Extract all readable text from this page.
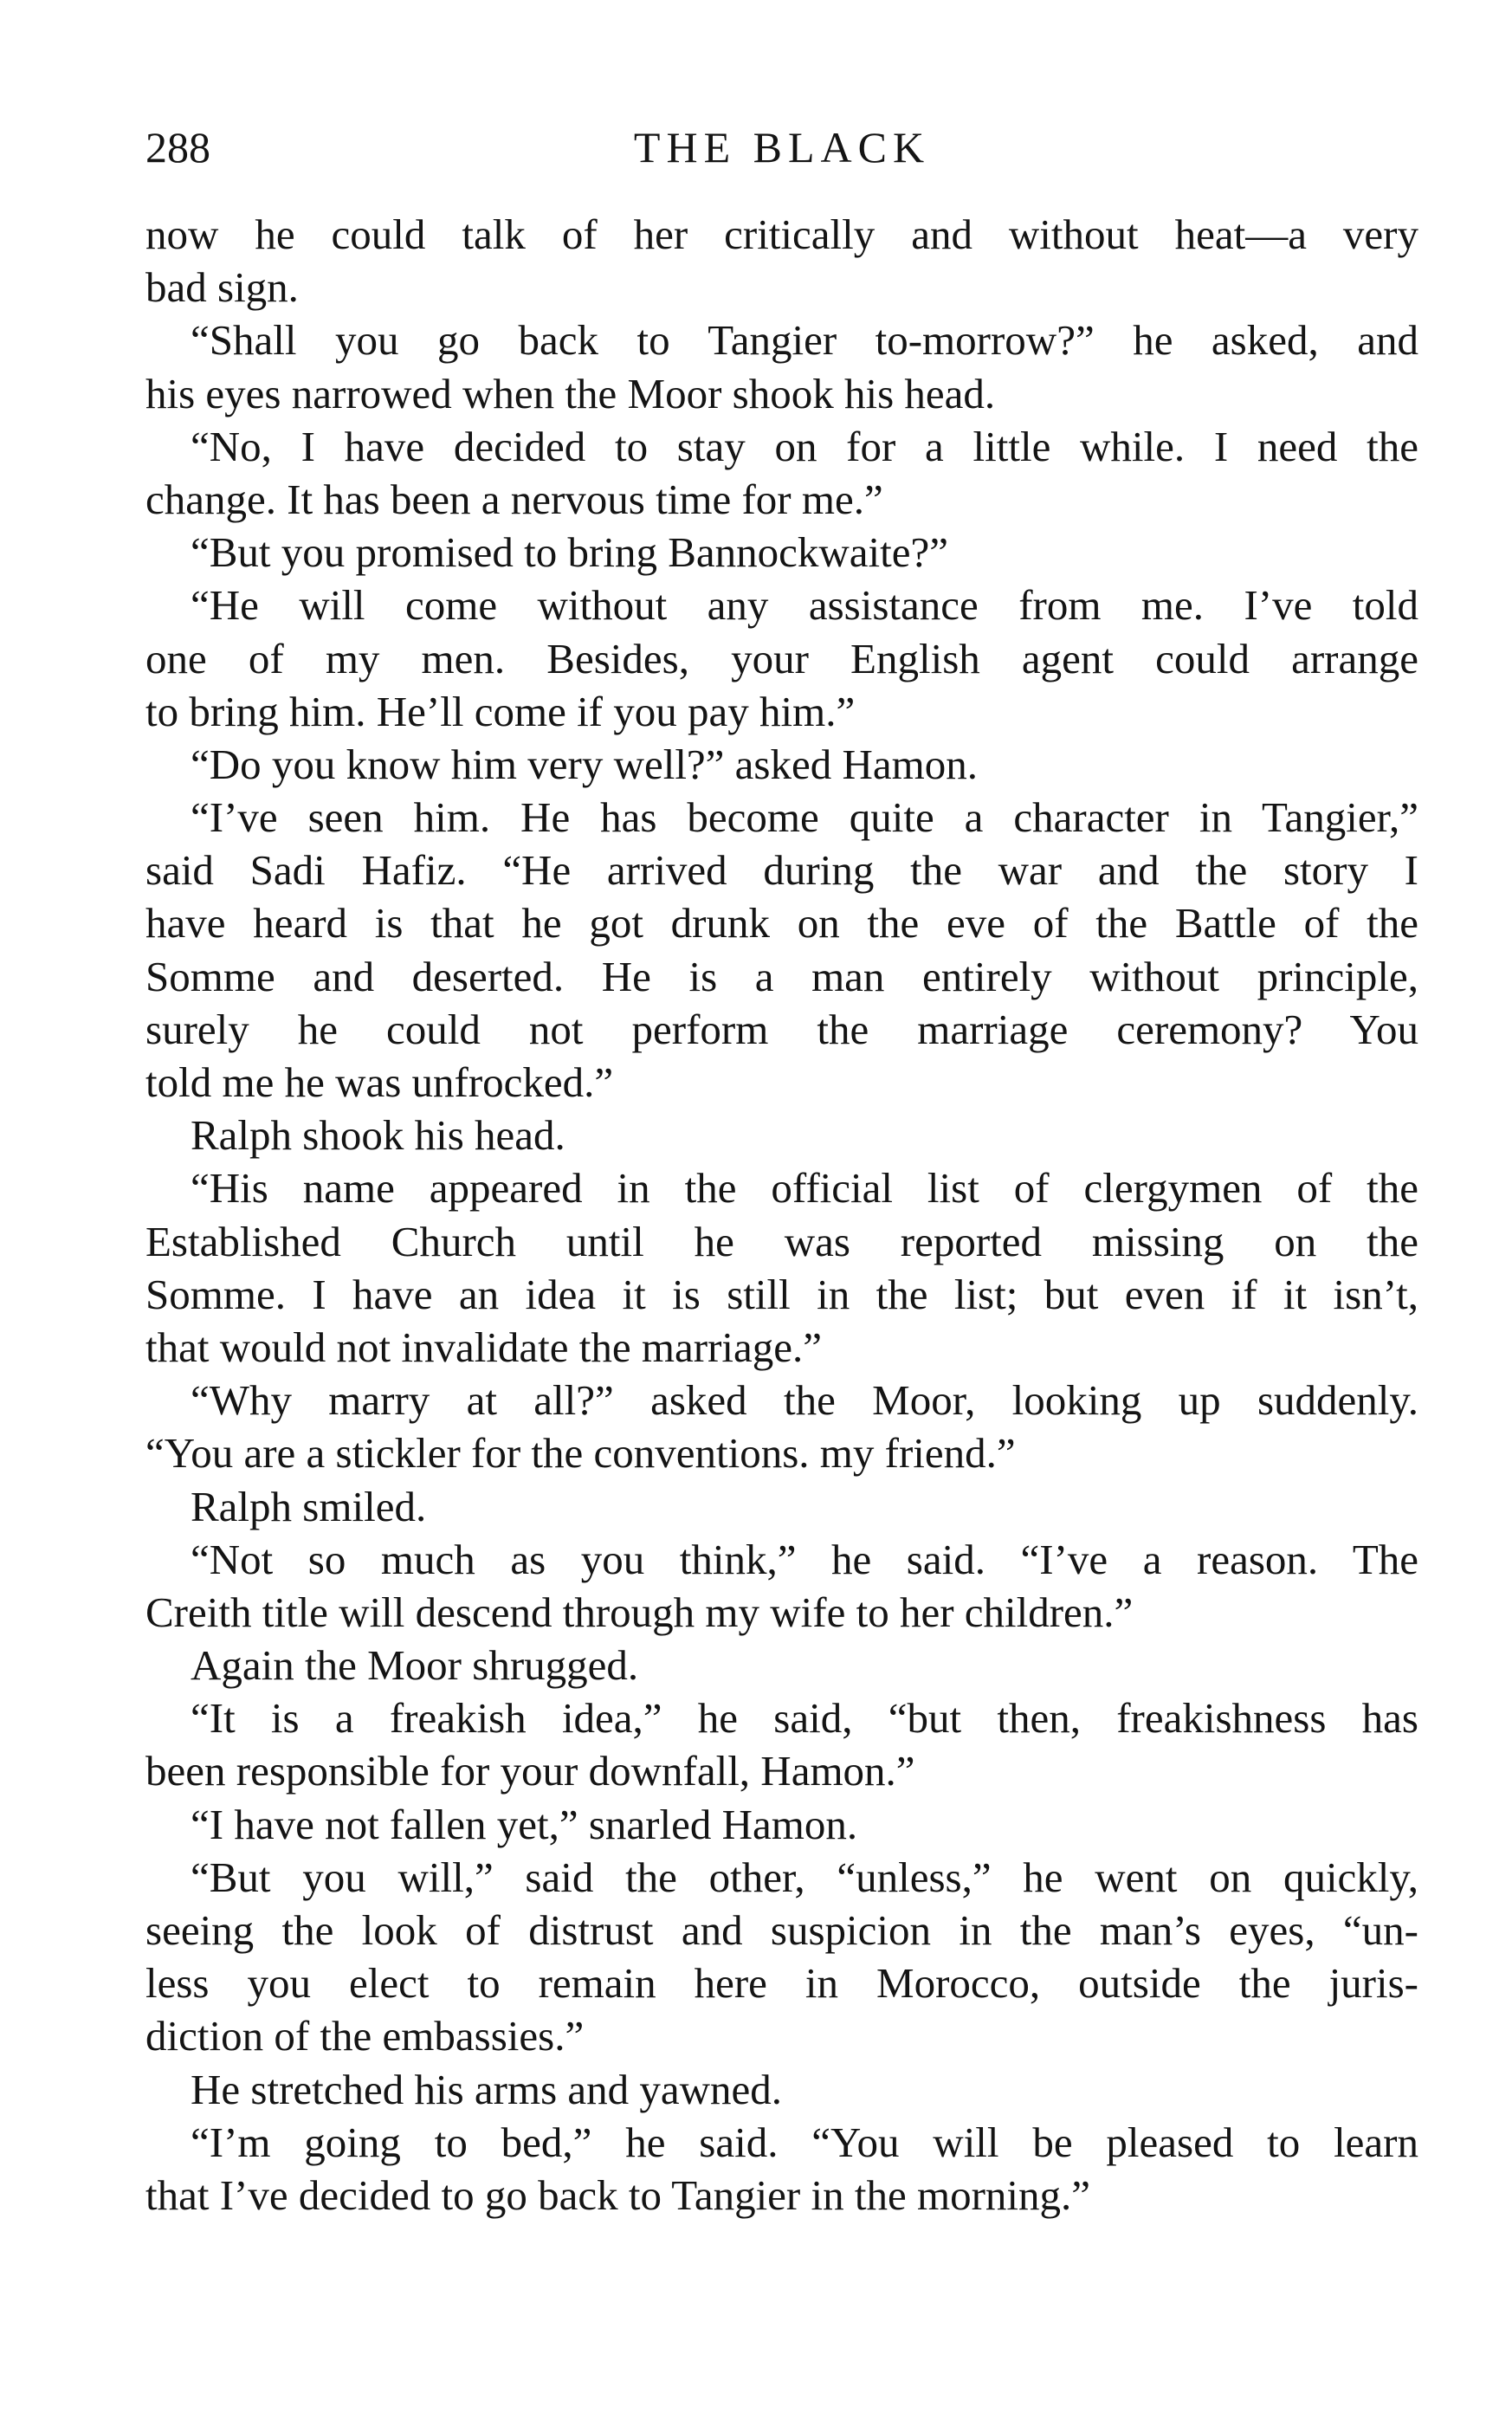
288	THE BLACK
now he could talk of her critically and without heat—a very
bad sign.
“Shall you go back to Tangier to-morrow?” he asked, and
his eyes narrowed when the Moor shook his head.
“No, I have decided to stay on for a little while. I need the
change. It has been a nervous time for me.”
“But you promised to bring Bannockwaite?”
“He will come without any assistance from me. I’ve told
one of my men. Besides, your English agent could arrange
to bring him. He’ll come if you pay him.”
“Do you know him very well?” asked Hamon.
“I’ve seen him. He has become quite a character in Tangier,”
said Sadi Hafiz. “He arrived during the war and the story I
have heard is that he got drunk on the eve of the Battle of the
Somme and deserted. He is a man entirely without principle,
surely he could not perform the marriage ceremony? You
told me he was unfrocked.”
Ralph shook his head.
“His name appeared in the official list of clergymen of the
Established Church until he was reported missing on the
Somme. I have an idea it is still in the list; but even if it isn’t,
that would not invalidate the marriage.”
“Why marry at all?” asked the Moor, looking up suddenly.
“You are a stickler for the conventions. my friend.”
Ralph smiled.
“Not so much as you think,” he said. “I’ve a reason. The
Creith title will descend through my wife to her children.”
Again the Moor shrugged.
“It is a freakish idea,” he said, “but then, freakishness has
been responsible for your downfall, Hamon.”
“I have not fallen yet,” snarled Hamon.
“But you will,” said the other, “unless,” he went on quickly,
seeing the look of distrust and suspicion in the man’s eyes, “un-
less you elect to remain here in Morocco, outside the juris-
diction of the embassies.”
He stretched his arms and yawned.
“I’m going to bed,” he said. “You will be pleased to learn
that I’ve decided to go back to Tangier in the morning.”
